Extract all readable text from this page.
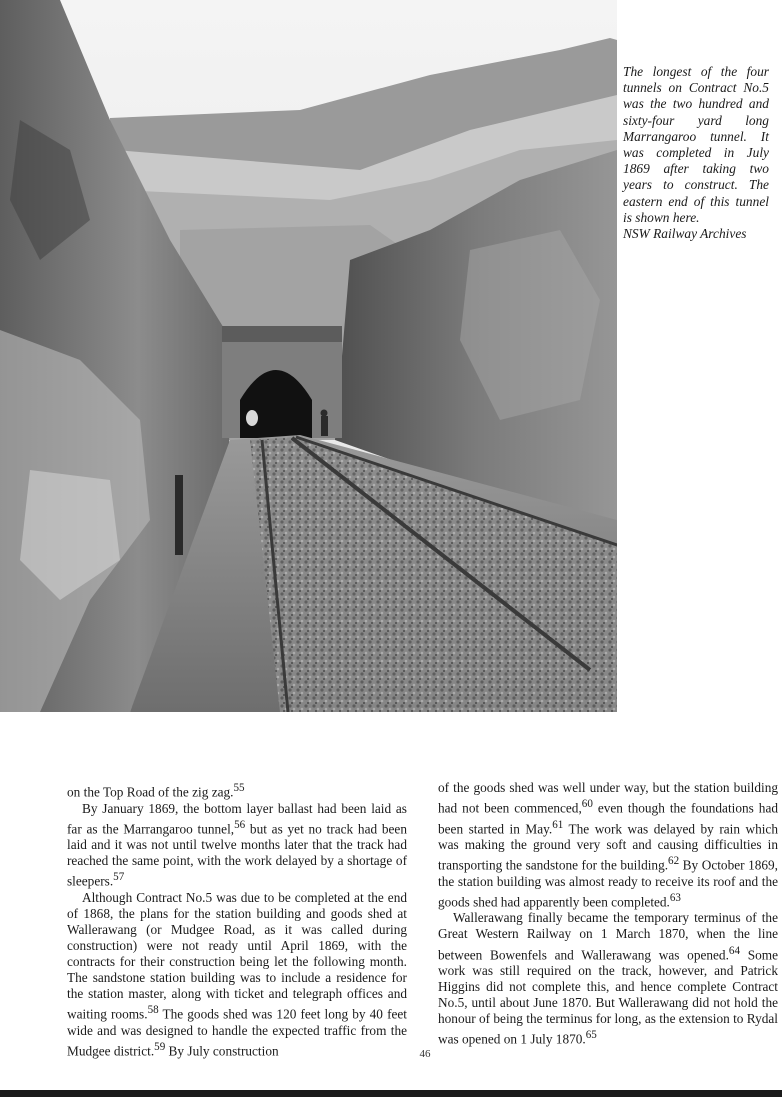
The longest of the four tunnels on Contract No.5 was the two hundred and sixty-four yard long Marrangaroo tunnel. It was completed in July 1869 after taking two years to construct. The eastern end of this tunnel is shown here.
NSW Railway Archives

on the Top Road of the zig zag.$^{55}$

By January 1869, the bottom layer ballast had been laid as far as the Marrangaroo tunnel,$^{56}$ but as yet no track had been laid and it was not until twelve months later that the track had reached the same point, with the work delayed by a shortage of sleepers.$^{57}$

Although Contract No.5 was due to be completed at the end of 1868, the plans for the station building and goods shed at Wallerawang (or Mudgee Road, as it was called during construction) were not ready until April 1869, with the contracts for their construction being let the following month. The sandstone station building was to include a residence for the station master, along with ticket and telegraph offices and waiting rooms.$^{58}$ The goods shed was 120 feet long by 40 feet wide and was designed to handle the expected traffic from the Mudgee district.$^{59}$ By July construction

of the goods shed was well under way, but the station building had not been commenced,$^{60}$ even though the foundations had been started in May.$^{61}$ The work was delayed by rain which was making the ground very soft and causing difficulties in transporting the sandstone for the building.$^{62}$ By October 1869, the station building was almost ready to receive its roof and the goods shed had apparently been completed.$^{63}$

Wallerawang finally became the temporary terminus of the Great Western Railway on 1 March 1870, when the line between Bowenfels and Wallerawang was opened.$^{64}$ Some work was still required on the track, however, and Patrick Higgins did not complete this, and hence complete Contract No.5, until about June 1870. But Wallerawang did not hold the honour of being the terminus for long, as the extension to Rydal was opened on 1 July 1870.65

46
